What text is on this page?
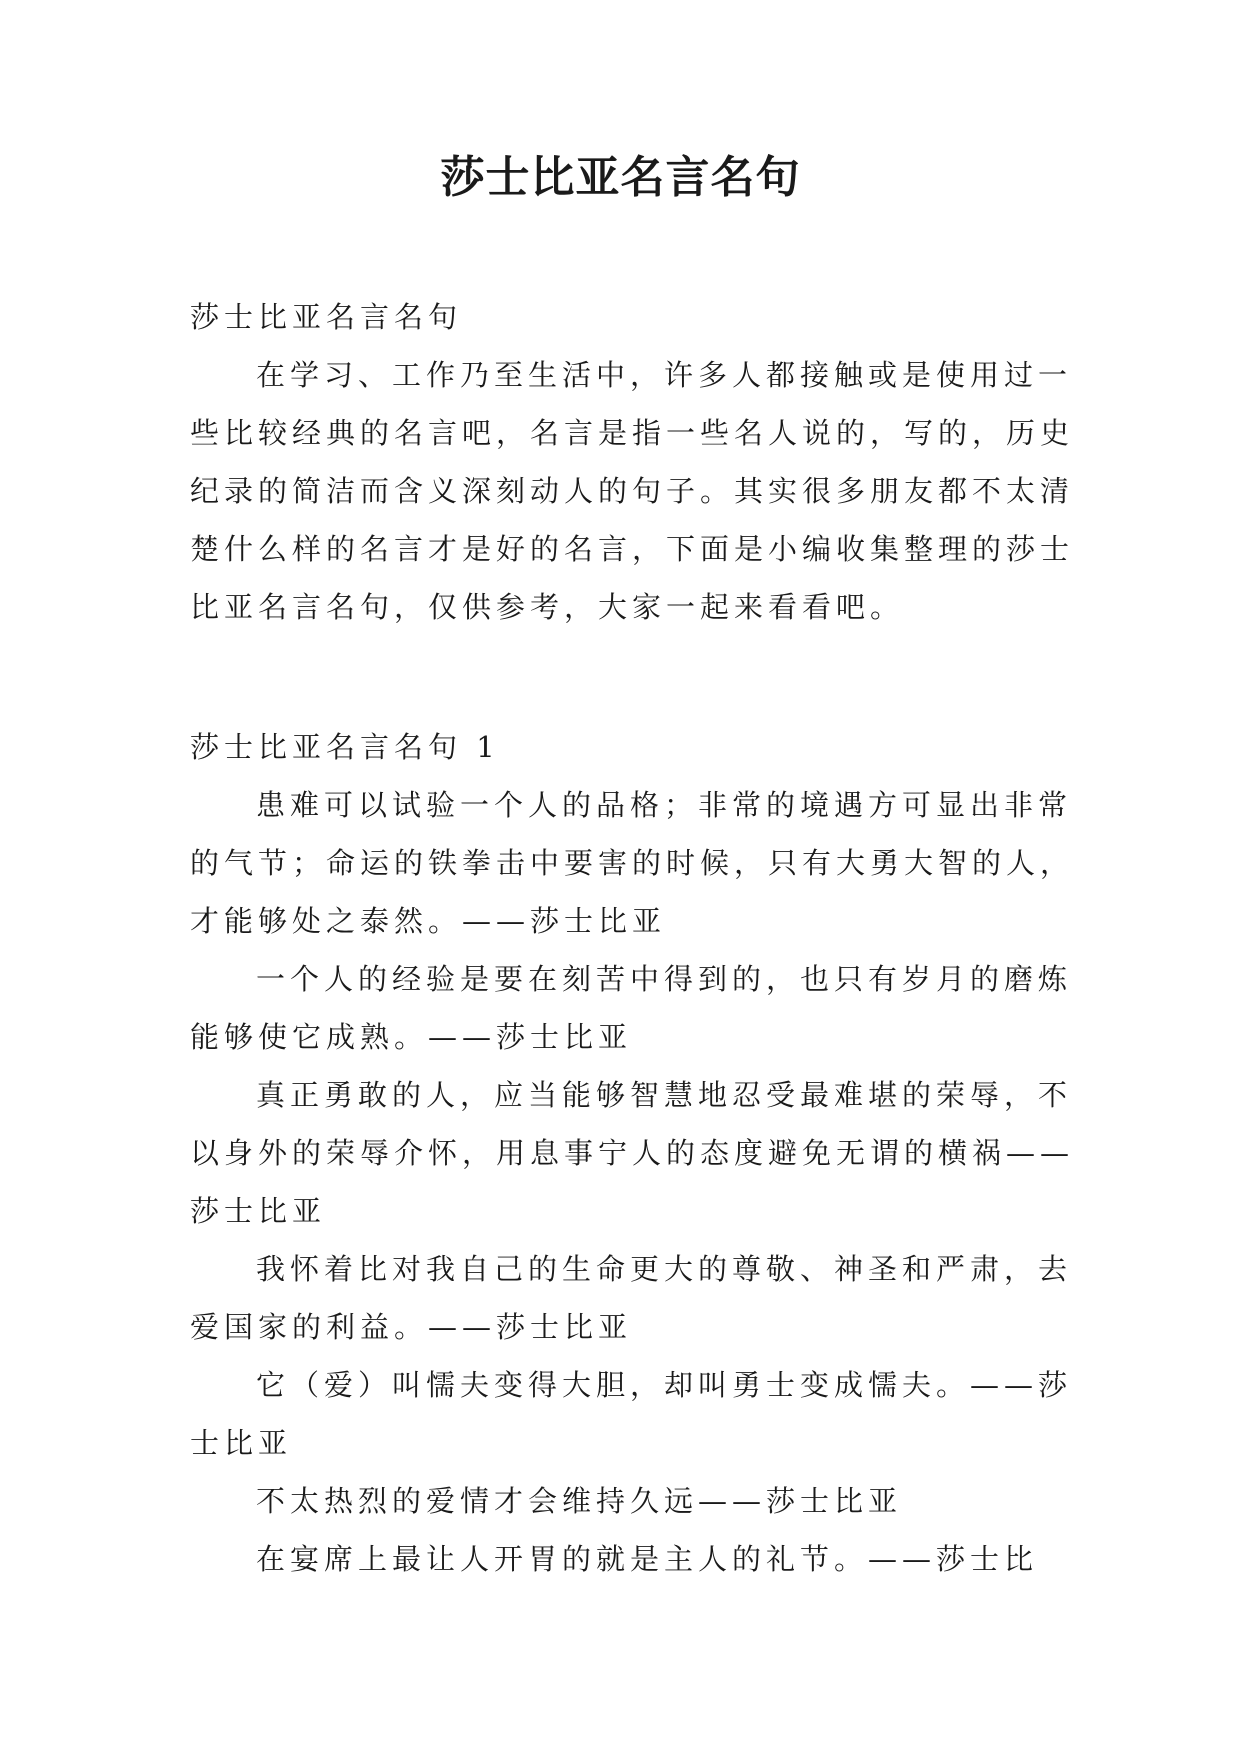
莎士比亚名言名句

莎士比亚名言名句

在学习、工作乃至生活中，许多人都接触或是使用过一

些比较经典的名言吧，名言是指一些名人说的，写的，历史

纪录的简洁而含义深刻动人的句子。其实很多朋友都不太清

楚什么样的名言才是好的名言，下面是小编收集整理的莎士

比亚名言名句，仅供参考，大家一起来看看吧。

莎士比亚名言名句 1

患难可以试验一个人的品格；非常的境遇方可显出非常

的气节；命运的铁拳击中要害的时候，只有大勇大智的人，

才能够处之泰然。——莎士比亚

一个人的经验是要在刻苦中得到的，也只有岁月的磨炼

能够使它成熟。——莎士比亚

真正勇敢的人，应当能够智慧地忍受最难堪的荣辱，不

以身外的荣辱介怀，用息事宁人的态度避免无谓的横祸——

莎士比亚

我怀着比对我自己的生命更大的尊敬、神圣和严肃，去

爱国家的利益。——莎士比亚

它（爱）叫懦夫变得大胆，却叫勇士变成懦夫。——莎

士比亚

不太热烈的爱情才会维持久远——莎士比亚

在宴席上最让人开胃的就是主人的礼节。——莎士比
